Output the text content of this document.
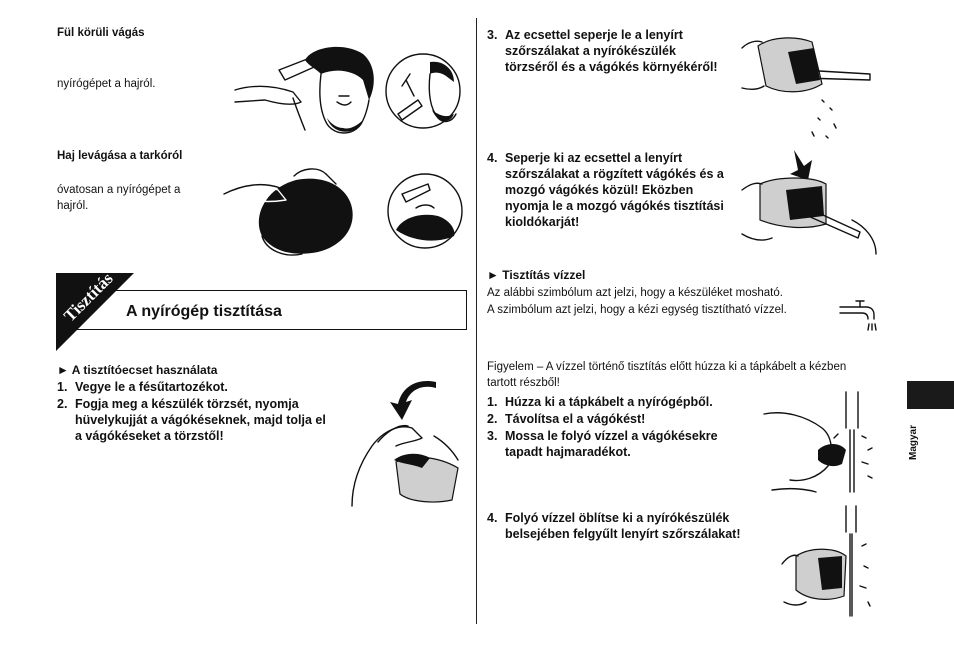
Fül körüli vágás
nyírógépet a hajról.
Haj levágása a tarkóról
óvatosan a nyírógépet a
hajról.
Tisztítás A nyírógép tisztítása
► A tisztítóecset használata
1. Vegye le a fésűtartozékot.
2. Fogja meg a készülék törzsét, nyomja
hüvelykujját a vágókéseknek, majd tolja el
a vágókéseket a törzstől!
3. Az ecsettel seperje le a lenyírt
szőrszálakat a nyírókészülék
törzséről és a vágókés környékéről!
4. Seperje ki az ecsettel a lenyírt
szőrszálakat a rögzített vágókés és a
mozgó vágókés közül! Eközben
nyomja le a mozgó vágókés tisztítási
kioldókarját!
► Tisztítás vízzel
Az alábbi szimbólum azt jelzi, hogy a készüléket mosható.
A szimbólum azt jelzi, hogy a kézi egység tisztítható vízzel.
Figyelem – A vízzel történő tisztítás előtt húzza ki a tápkábelt a kézben
tartott részből!
1. Húzza ki a tápkábelt a nyírógépből.
2. Távolítsa el a vágókést!
3. Mossa le folyó vízzel a vágókésekre
tapadt hajmaradékot.
4. Folyó vízzel öblítse ki a nyírókészülék
belsejében felgyűlt lenyírt szőrszálakat!
Magyar
